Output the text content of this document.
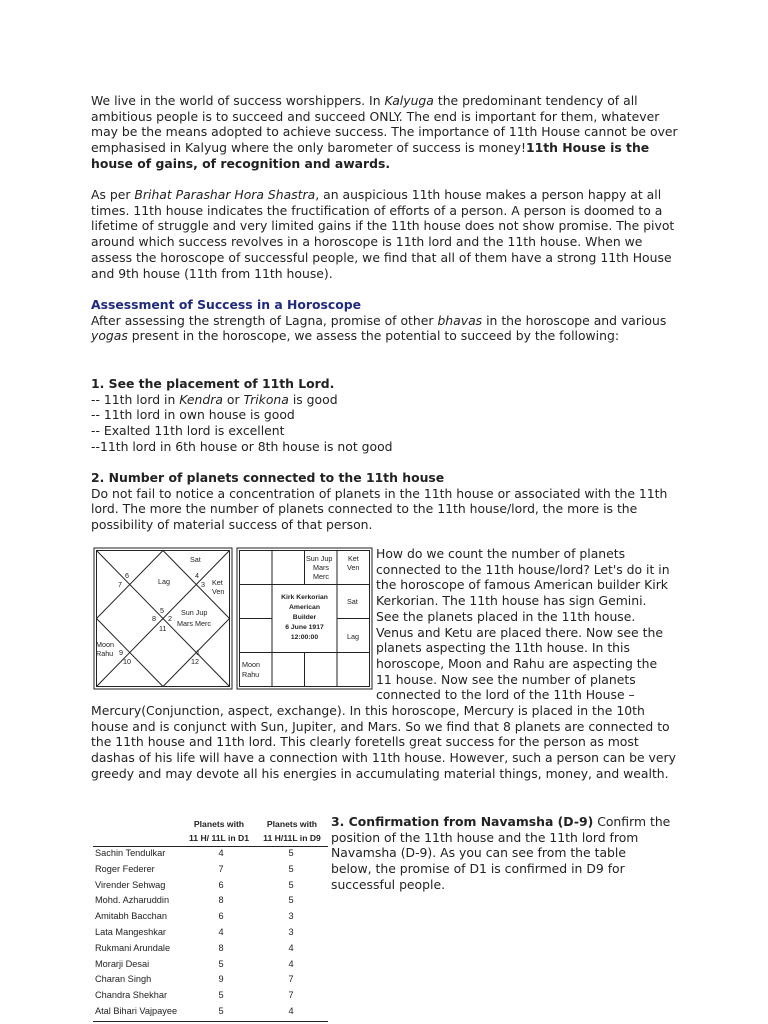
We live in the world of success worshippers. In Kalyuga the predominant tendency of all ambitious people is to succeed and succeed ONLY. The end is important for them, whatever may be the means adopted to achieve success. The importance of 11th House cannot be over emphasised in Kalyug where the only barometer of success is money!11th House is the house of gains, of recognition and awards.

As per Brihat Parashar Hora Shastra, an auspicious 11th house makes a person happy at all times. 11th house indicates the fructification of efforts of a person. A person is doomed to a lifetime of struggle and very limited gains if the 11th house does not show promise. The pivot around which success revolves in a horoscope is 11th lord and the 11th house. When we assess the horoscope of successful people, we find that all of them have a strong 11th House and 9th house (11th from 11th house).

Assessment of Success in a Horoscope
After assessing the strength of Lagna, promise of other bhavas in the horoscope and various yogas present in the horoscope, we assess the potential to succeed by the following:

1. See the placement of 11th Lord.
-- 11th lord in Kendra or Trikona is good
-- 11th lord in own house is good
-- Exalted 11th lord is excellent
--11th lord in 6th house or 8th house is not good

2. Number of planets connected to the 11th house
Do not fail to notice a concentration of planets in the 11th house or associated with the 11th lord. The more the number of planets connected to the 11th house/lord, the more is the possibility of material success of that person.

Sat
6	4
7	Lag	3 Ket
Ven
5
8 2
11
Sun Jup
Mars Merc
Moon
Rahu 9
10
1
12
Sun Jup
Mars
Merc
Ket
Ven
Sat
Lag
Moon
Rahu
Kirk Kerkorian
American
Builder
6 June 1917
12:00:00
How do we count the number of planets
connected to the 11th house/lord? Let's do it in
the horoscope of famous American builder Kirk
Kerkorian. The 11th house has sign Gemini.
See the planets placed in the 11th house.
Venus and Ketu are placed there. Now see the
planets aspecting the 11th house. In this
horoscope, Moon and Rahu are aspecting the
11 house. Now see the number of planets
connected to the lord of the 11th House –

Mercury(Conjunction, aspect, exchange). In this horoscope, Mercury is placed in the 10th house and is conjunct with Sun, Jupiter, and Mars. So we find that 8 planets are connected to the 11th house and 11th lord. This clearly foretells great success for the person as most dashas of his life will have a connection with 11th house. However, such a person can be very greedy and may devote all his energies in accumulating material things, money, and wealth.

3. Confirmation from Navamsha (D-9) Confirm the
position of the 11th house and the 11th lord from
Navamsha (D-9). As you can see from the table
below, the promise of D1 is confirmed in D9 for
successful people.
Planets with
11 H/ 11L in D1
Planets with
11 H/11L in D9
Sachin Tendulkar	4	5
Roger Federer	7	5
Virender Sehwag	6	5
Mohd. Azharuddin	8	5
Amitabh Bacchan	6	3
Lata Mangeshkar	4	3
Rukmani Arundale	8	4
Morarji Desai	5	4
Charan Singh	9	7
Chandra Shekhar	5	7
Atal Bihari Vajpayee	5	4
